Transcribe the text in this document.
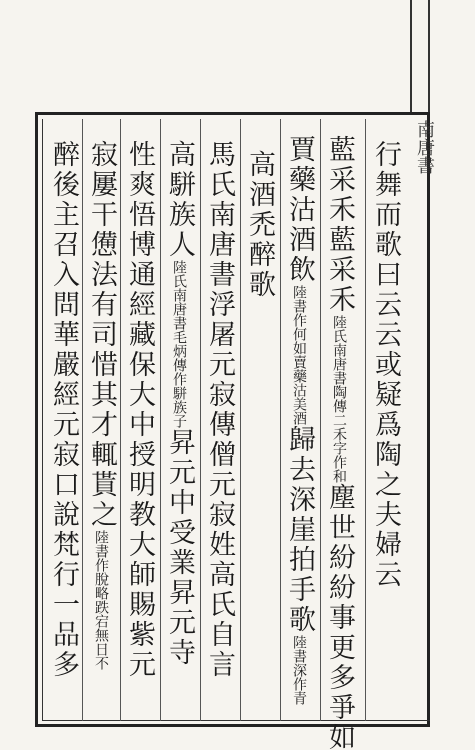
南唐書
行舞而歌曰云云或疑爲陶之夫婦云
藍采禾藍采禾陸氏南唐書陶傳二禾字作和塵世紛紛事更多爭如
賈藥沽酒飲陸書作何如賣藥沽美酒歸去深崖拍手歌陸書深作青
高酒禿醉歌
馬氏南唐書浮屠元寂傳僧元寂姓高氏自言
高駢族人陸氏南唐書毛炳傳作駢族子昇元中受業昇元寺
性爽悟博通經藏保大中授明教大師賜紫元
寂屢干憊法有司惜其才輒貰之陸書作脫略跌宕無日不
醉後主召入問華嚴經元寂口說梵行一品多
